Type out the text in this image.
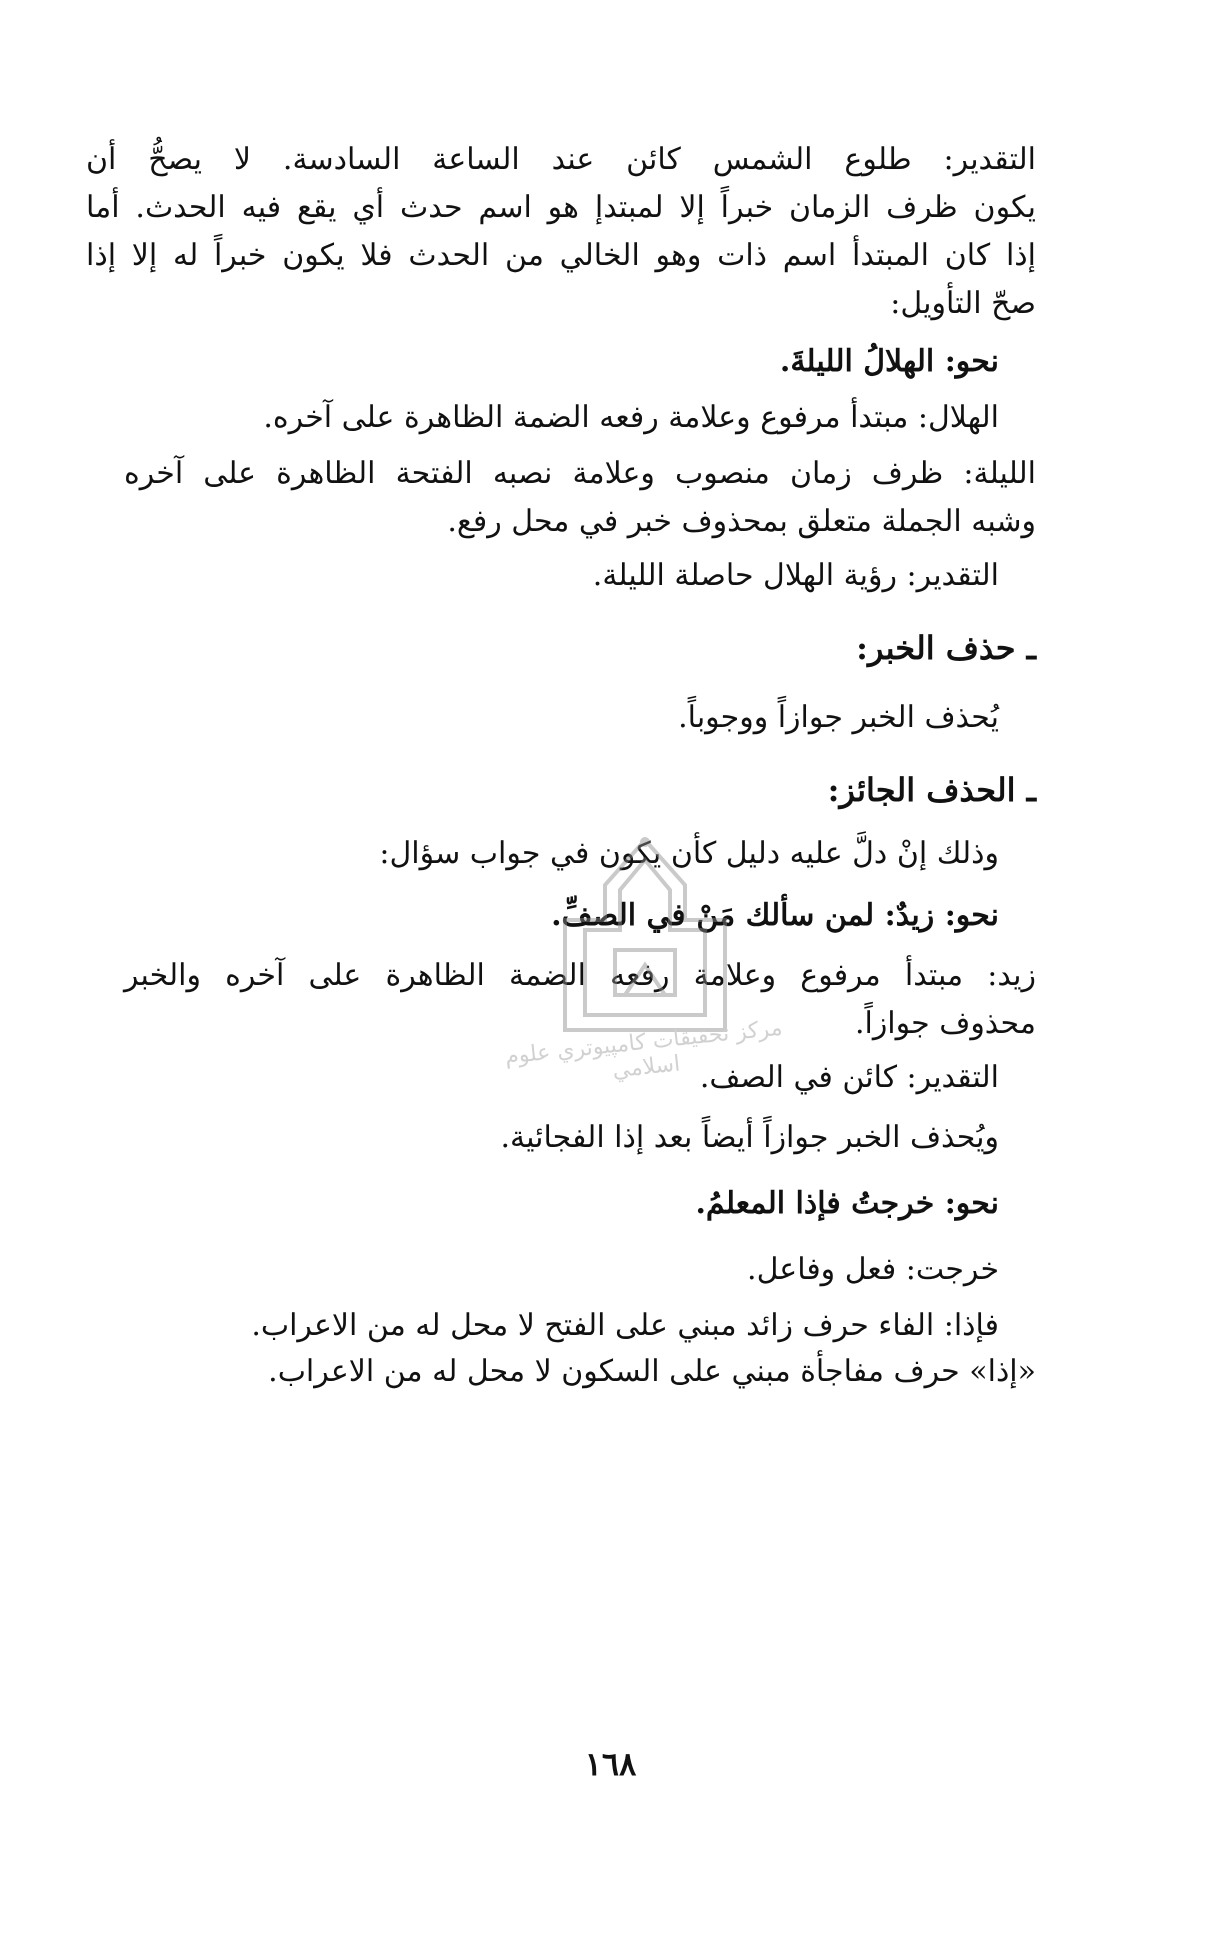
التقدير: طلوع الشمس كائن عند الساعة السادسة. لا يصحُّ أن
يكون ظرف الزمان خبراً إلا لمبتدإ هو اسم حدث أي يقع فيه الحدث. أما
إذا كان المبتدأ اسم ذات وهو الخالي من الحدث فلا يكون خبراً له إلا إذا
صحّ التأويل:
نحو: الهلالُ الليلةَ.
الهلال: مبتدأ مرفوع وعلامة رفعه الضمة الظاهرة على آخره.
الليلة: ظرف زمان منصوب وعلامة نصبه الفتحة الظاهرة على آخره
وشبه الجملة متعلق بمحذوف خبر في محل رفع.
التقدير: رؤية الهلال حاصلة الليلة.
ـ حذف الخبر:
يُحذف الخبر جوازاً ووجوباً.
ـ الحذف الجائز:
وذلك إنْ دلَّ عليه دليل كأن يكون في جواب سؤال:
نحو: زيدٌ: لمن سألك مَنْ في الصفِّ.
زيد: مبتدأ مرفوع وعلامة رفعه الضمة الظاهرة على آخره والخبر
محذوف جوازاً.
التقدير: كائن في الصف.
ويُحذف الخبر جوازاً أيضاً بعد إذا الفجائية.
نحو: خرجتُ فإذا المعلمُ.
خرجت: فعل وفاعل.
فإذا: الفاء حرف زائد مبني على الفتح لا محل له من الاعراب.
«إذا» حرف مفاجأة مبني على السكون لا محل له من الاعراب.
١٦٨
مركز تحقيقات كامپيوتري علوم اسلامي
